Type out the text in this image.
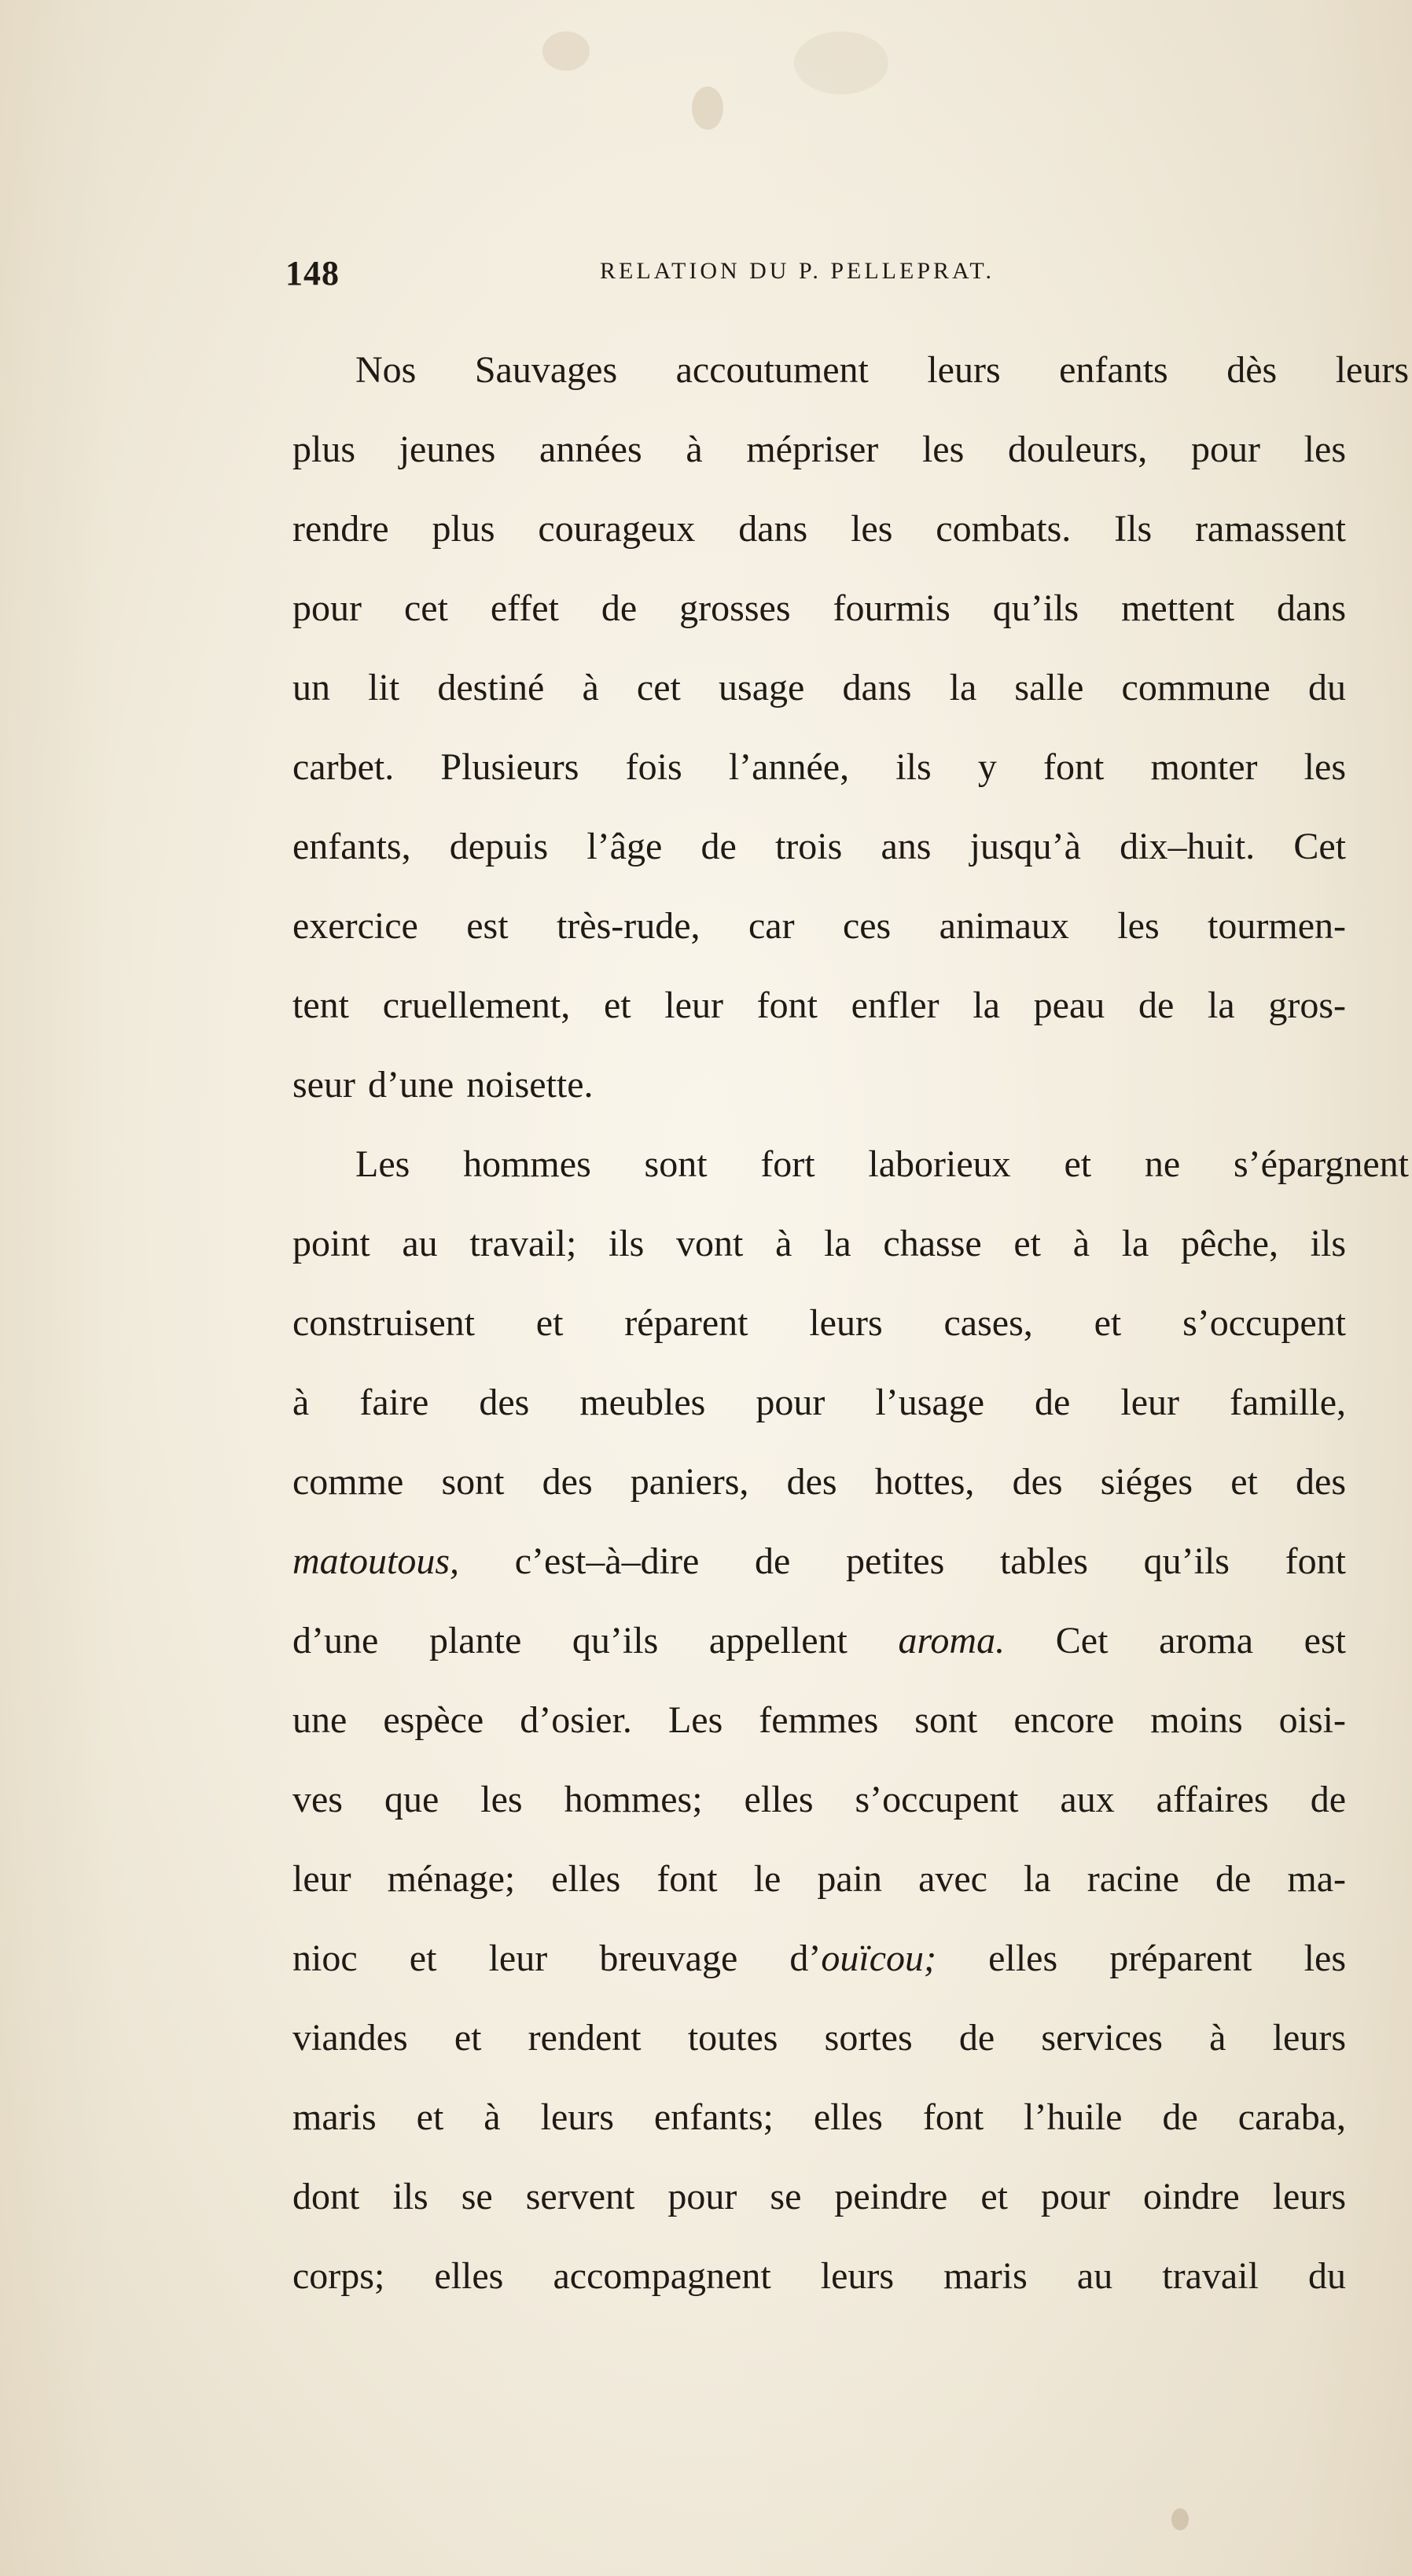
148	RELATION DU P. PELLEPRAT.
Nos Sauvages accoutument leurs enfants dès leurs
plus jeunes années à mépriser les douleurs, pour les
rendre plus courageux dans les combats. Ils ramassent
pour cet effet de grosses fourmis qu’ils mettent dans
un lit destiné à cet usage dans la salle commune du
carbet. Plusieurs fois l’année, ils y font monter les
enfants, depuis l’âge de trois ans jusqu’à dix–huit. Cet
exercice est très-rude, car ces animaux les tourmen-
tent cruellement, et leur font enfler la peau de la gros-
seur d’une noisette.
Les hommes sont fort laborieux et ne s’épargnent
point au travail; ils vont à la chasse et à la pêche, ils
construisent et réparent leurs cases, et s’occupent
à faire des meubles pour l’usage de leur famille,
comme sont des paniers, des hottes, des siéges et des
matoutous, c’est–à–dire de petites tables qu’ils font
d’une plante qu’ils appellent aroma. Cet aroma est
une espèce d’osier. Les femmes sont encore moins oisi-
ves que les hommes; elles s’occupent aux affaires de
leur ménage; elles font le pain avec la racine de ma-
nioc et leur breuvage d’ouïcou; elles préparent les
viandes et rendent toutes sortes de services à leurs
maris et à leurs enfants; elles font l’huile de caraba,
dont ils se servent pour se peindre et pour oindre leurs
corps; elles accompagnent leurs maris au travail du
